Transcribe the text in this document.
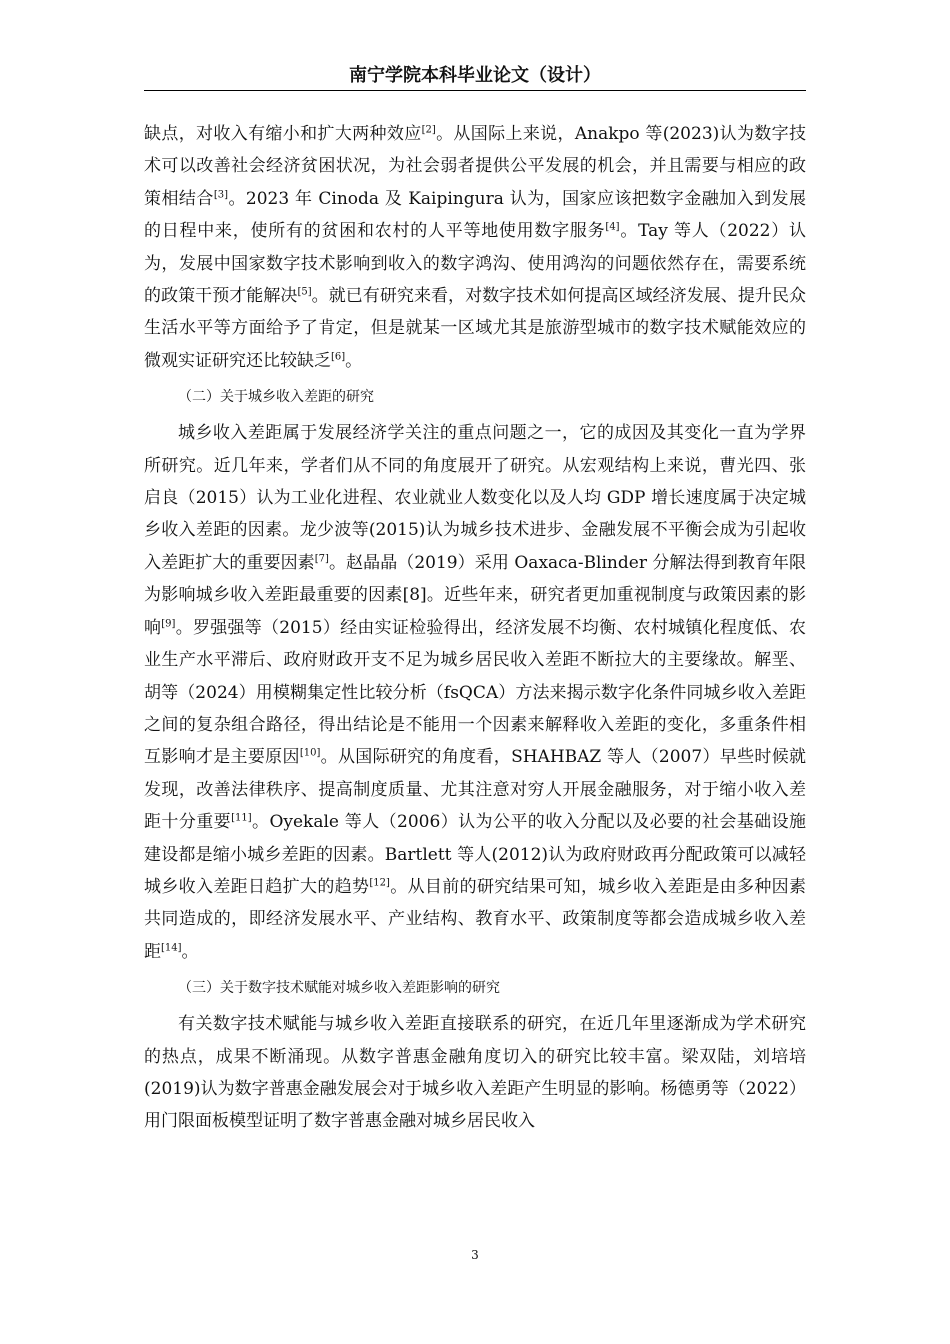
南宁学院本科毕业论文（设计）

缺点，对收入有缩小和扩大两种效应[2]。从国际上来说，Anakpo 等(2023)认为数字技术可以改善社会经济贫困状况，为社会弱者提供公平发展的机会，并且需要与相应的政策相结合[3]。2023 年 Cinoda 及 Kaipingura 认为，国家应该把数字金融加入到发展的日程中来，使所有的贫困和农村的人平等地使用数字服务[4]。Tay 等人（2022）认为，发展中国家数字技术影响到收入的数字鸿沟、使用鸿沟的问题依然存在，需要系统的政策干预才能解决[5]。就已有研究来看，对数字技术如何提高区域经济发展、提升民众生活水平等方面给予了肯定，但是就某一区域尤其是旅游型城市的数字技术赋能效应的微观实证研究还比较缺乏[6]。

（二）关于城乡收入差距的研究

城乡收入差距属于发展经济学关注的重点问题之一，它的成因及其变化一直为学界所研究。近几年来，学者们从不同的角度展开了研究。从宏观结构上来说，曹光四、张启良（2015）认为工业化进程、农业就业人数变化以及人均 GDP 增长速度属于决定城乡收入差距的因素。龙少波等(2015)认为城乡技术进步、金融发展不平衡会成为引起收入差距扩大的重要因素[7]。赵晶晶（2019）采用 Oaxaca-Blinder 分解法得到教育年限为影响城乡收入差距最重要的因素[8]。近些年来，研究者更加重视制度与政策因素的影响[9]。罗强强等（2015）经由实证检验得出，经济发展不均衡、农村城镇化程度低、农业生产水平滞后、政府财政开支不足为城乡居民收入差距不断拉大的主要缘故。解垩、胡等（2024）用模糊集定性比较分析（fsQCA）方法来揭示数字化条件同城乡收入差距之间的复杂组合路径，得出结论是不能用一个因素来解释收入差距的变化，多重条件相互影响才是主要原因[10]。从国际研究的角度看，SHAHBAZ 等人（2007）早些时候就发现，改善法律秩序、提高制度质量、尤其注意对穷人开展金融服务，对于缩小收入差距十分重要[11]。Oyekale 等人（2006）认为公平的收入分配以及必要的社会基础设施建设都是缩小城乡差距的因素。Bartlett 等人(2012)认为政府财政再分配政策可以减轻城乡收入差距日趋扩大的趋势[12]。从目前的研究结果可知，城乡收入差距是由多种因素共同造成的，即经济发展水平、产业结构、教育水平、政策制度等都会造成城乡收入差距[14]。

（三）关于数字技术赋能对城乡收入差距影响的研究

有关数字技术赋能与城乡收入差距直接联系的研究，在近几年里逐渐成为学术研究的热点，成果不断涌现。从数字普惠金融角度切入的研究比较丰富。梁双陆，刘培培(2019)认为数字普惠金融发展会对于城乡收入差距产生明显的影响。杨德勇等（2022）用门限面板模型证明了数字普惠金融对城乡居民收入

3
